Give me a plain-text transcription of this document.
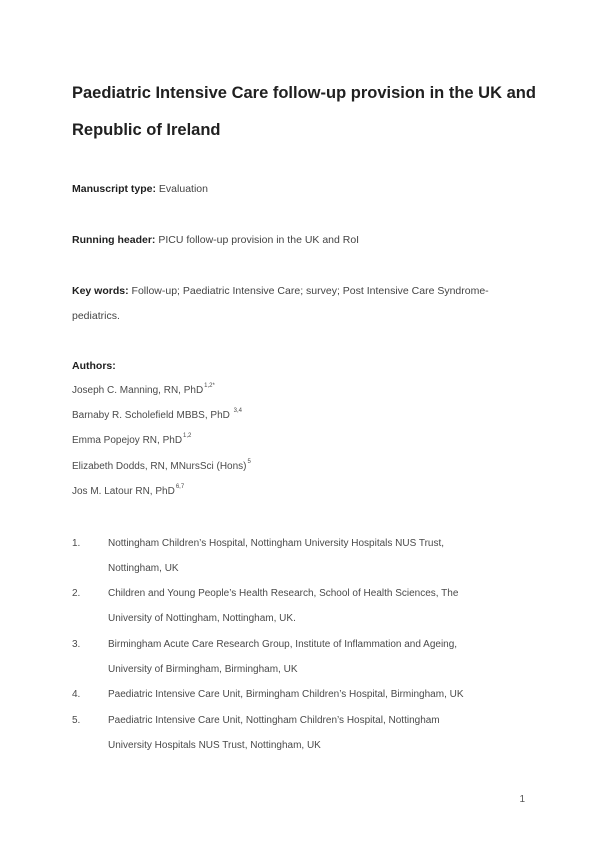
Paediatric Intensive Care follow-up provision in the UK and
Republic of Ireland
Manuscript type: Evaluation
Running header: PICU follow-up provision in the UK and RoI
Key words: Follow-up; Paediatric Intensive Care; survey; Post Intensive Care Syndrome-
pediatrics.
Authors:
Joseph C. Manning, RN, PhD$^{1,2*}$
Barnaby R. Scholefield MBBS, PhD $^{3,4}$
Emma Popejoy RN, PhD$^{1,2}$
Elizabeth Dodds, RN, MNursSci (Hons)$^5$
Jos M. Latour RN, PhD$^{6,7}$
1.	Nottingham Children’s Hospital, Nottingham University Hospitals NUS Trust,
Nottingham, UK
2.	Children and Young People’s Health Research, School of Health Sciences, The
University of Nottingham, Nottingham, UK.
3.	Birmingham Acute Care Research Group, Institute of Inflammation and Ageing,
University of Birmingham, Birmingham, UK
4.	Paediatric Intensive Care Unit, Birmingham Children’s Hospital, Birmingham, UK
5.	Paediatric Intensive Care Unit, Nottingham Children’s Hospital, Nottingham
University Hospitals NUS Trust, Nottingham, UK
1
